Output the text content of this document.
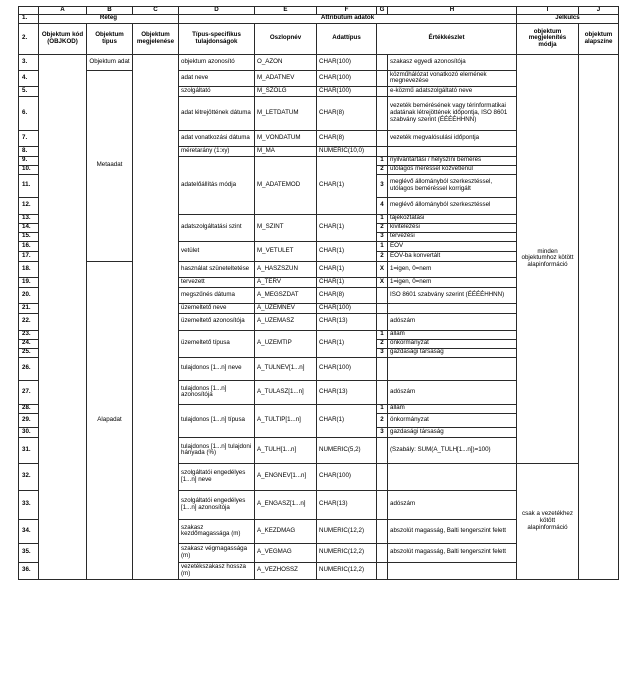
	A	B	C	D	E	F	G	H	I	J
1.	Réteg			Attribútum adatok					Jelkulcs	
2.	Objektum kód (OBJKOD)	Objektum típus	Objektum megjelenése	Típus-specifikus tulajdonságok	Oszlopnév	Adattípus	Értékkészlet		objektum megjelenítés módja	objektum alapszíne
3.		Objektum adat		objektum azonosító	O_AZON	CHAR(100)		szakasz egyedi azonosítója	minden objektumhoz kötött alapinformáció	
4.		Metaadat		adat neve	M_ADATNEV	CHAR(100)		közműhálózat vonatkozó elemének megnevezése		
5.				szolgáltató	M_SZOLG	CHAR(100)		e-közmű adatszolgáltató neve		
6.				adat létrejöttének dátuma	M_LETDATUM	CHAR(8)		vezeték bemérésének vagy térinformatikai adatának létrejöttének időpontja, ISO 8601 szabvány szerint (ÉÉÉÉHHNN)		
7.				adat vonatkozási dátuma	M_VONDATUM	CHAR(8)		vezeték megvalósulási időpontja		
8.				méretarány (1:xy)	M_MA	NUMERIC(10,0)				
9.				adatelőállítás módja	M_ADATEMOD	CHAR(1)	1	nyilvántartási / helyszíni bemérés		
10.							2	utólagos méréssel közvetlenül		
11.							3	meglévő állományból szerkesztéssel, utólagos beméréssel korrigált		
12.							4	meglévő állományból szerkesztéssel		
13.				adatszolgáltatási szint	M_SZINT	CHAR(1)	1	tájékoztatási		
14.							2	kivitelezési		
15.							3	tervezési		
16.				vetület	M_VETULET	CHAR(1)	1	EOV		
17.							2	EOV-ba konvertált		
18.		Alapadat		használat szüneteltetése	A_HASZSZUN	CHAR(1)	X	1=igen, 0=nem		
19.				tervezett	A_TERV	CHAR(1)	X	1=igen, 0=nem		
20.				megszűnés dátuma	A_MEGSZDAT	CHAR(8)		ISO 8601 szabvány szerint (ÉÉÉÉHHNN)		
21.				üzemeltető neve	A_UZEMNEV	CHAR(100)				
22.				üzemeltető azonosítója	A_UZEMASZ	CHAR(13)		adószám		
23.				üzemeltető típusa	A_UZEMTIP	CHAR(1)	1	állam		
24.							2	önkormányzat		
25.							3	gazdasági társaság		
26.				tulajdonos [1...n] neve	A_TULNEV[1...n]	CHAR(100)				
27.				tulajdonos [1...n] azonosítója	A_TULASZ[1...n]	CHAR(13)		adószám		
28.				tulajdonos [1...n] típusa	A_TULTIP[1...n]	CHAR(1)	1	állam		
29.							2	önkormányzat		
30.							3	gazdasági társaság		
31.				tulajdonos [1...n] tulajdoni hányada (%)	A_TULH[1...n]	NUMERIC(5,2)		(Szabály: SUM(A_TULH[1...n])=100)		
32.				szolgáltatói engedélyes [1...n] neve	A_ENGNEV[1...n]	CHAR(100)			csak a vezetékhez kötött alapinformáció	
33.				szolgáltatói engedélyes [1...n] azonosítója	A_ENGASZ[1...n]	CHAR(13)		adószám		
34.				szakasz kezdőmagassága (m)	A_KEZDMAG	NUMERIC(12,2)		abszolút magasság, Balti tengerszint felett		
35.				szakasz végmagassága (m)	A_VEGMAG	NUMERIC(12,2)		abszolút magasság, Balti tengerszint felett		
36.				vezetékszakasz hossza (m)	A_VEZHOSSZ	NUMERIC(12,2)				
